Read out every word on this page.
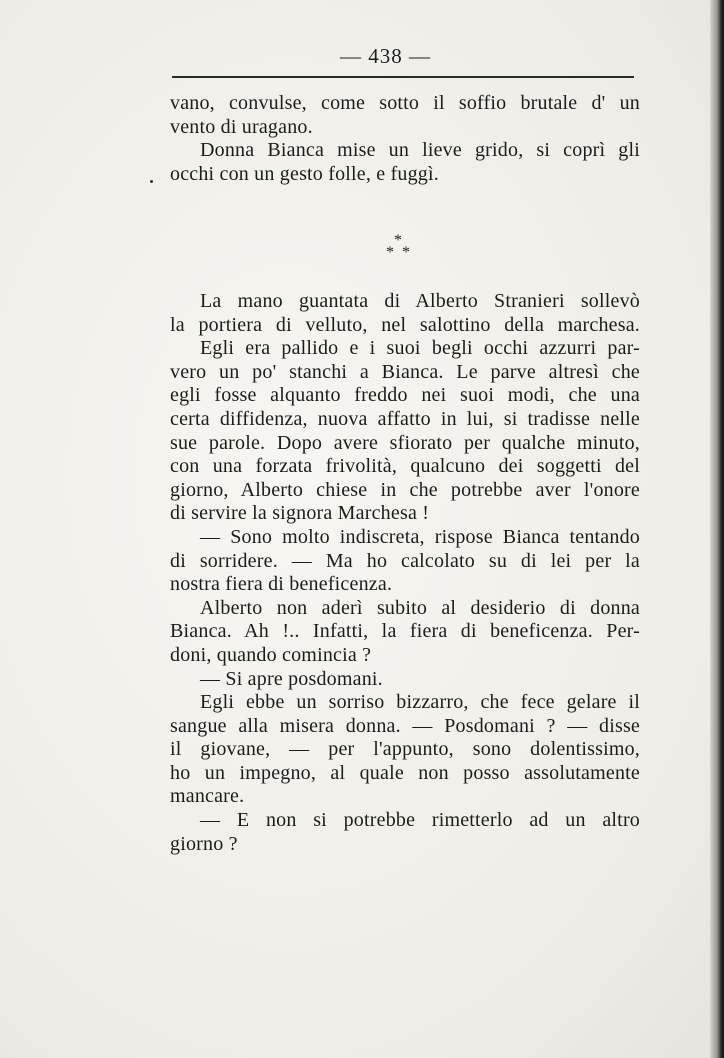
— 438 —
vano, convulse, come sotto il soffio brutale d' un
vento di uragano.
Donna Bianca mise un lieve grido, si coprì gli
occhi con un gesto folle, e fuggì.
*
* *
La mano guantata di Alberto Stranieri sollevò
la portiera di velluto, nel salottino della marchesa.
Egli era pallido e i suoi begli occhi azzurri par-
vero un po' stanchi a Bianca. Le parve altresì che
egli fosse alquanto freddo nei suoi modi, che una
certa diffidenza, nuova affatto in lui, si tradisse nelle
sue parole. Dopo avere sfiorato per qualche minuto,
con una forzata frivolità, qualcuno dei soggetti del
giorno, Alberto chiese in che potrebbe aver l'onore
di servire la signora Marchesa !
— Sono molto indiscreta, rispose Bianca tentando
di sorridere. — Ma ho calcolato su di lei per la
nostra fiera di beneficenza.
Alberto non aderì subito al desiderio di donna
Bianca. Ah !.. Infatti, la fiera di beneficenza. Per-
doni, quando comincia ?
— Si apre posdomani.
Egli ebbe un sorriso bizzarro, che fece gelare il
sangue alla misera donna. — Posdomani ? — disse
il giovane, — per l'appunto, sono dolentissimo,
ho un impegno, al quale non posso assolutamente
mancare.
— E non si potrebbe rimetterlo ad un altro
giorno ?
